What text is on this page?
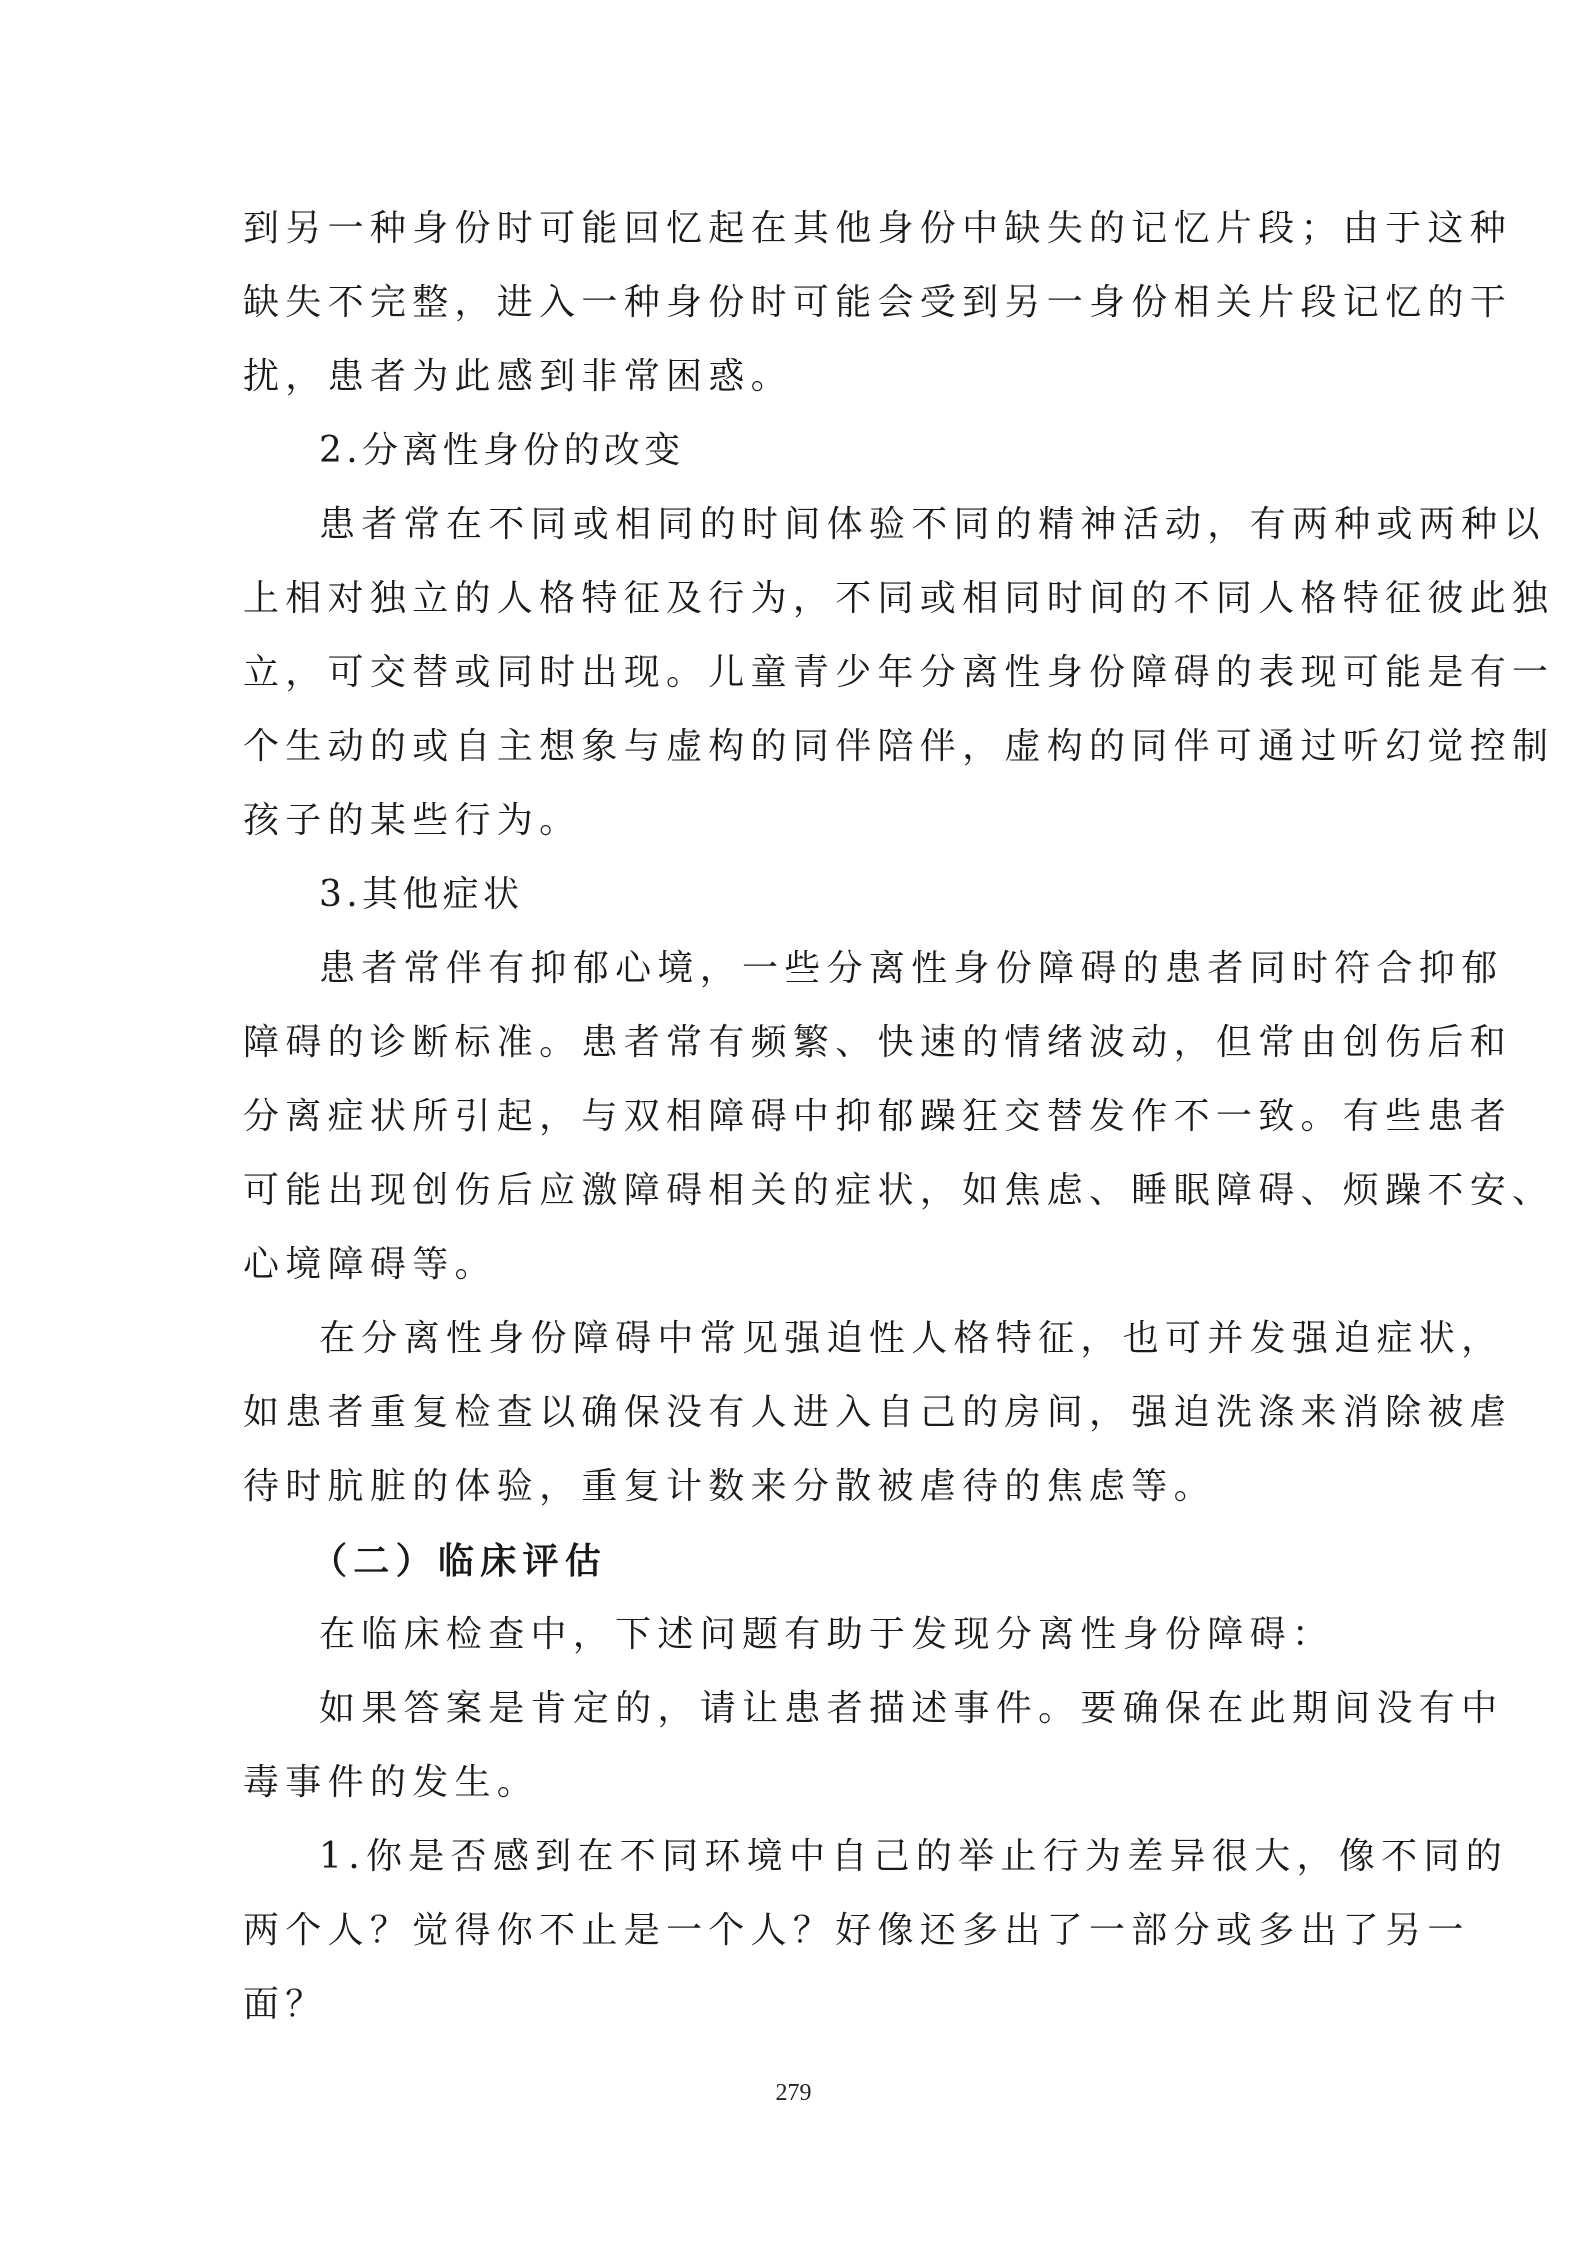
到另一种身份时可能回忆起在其他身份中缺失的记忆片段；由于这种
缺失不完整，进入一种身份时可能会受到另一身份相关片段记忆的干
扰，患者为此感到非常困惑。
2.分离性身份的改变
患者常在不同或相同的时间体验不同的精神活动，有两种或两种以
上相对独立的人格特征及行为，不同或相同时间的不同人格特征彼此独
立，可交替或同时出现。儿童青少年分离性身份障碍的表现可能是有一
个生动的或自主想象与虚构的同伴陪伴，虚构的同伴可通过听幻觉控制
孩子的某些行为。
3.其他症状
患者常伴有抑郁心境，一些分离性身份障碍的患者同时符合抑郁
障碍的诊断标准。患者常有频繁、快速的情绪波动，但常由创伤后和
分离症状所引起，与双相障碍中抑郁躁狂交替发作不一致。有些患者
可能出现创伤后应激障碍相关的症状，如焦虑、睡眠障碍、烦躁不安、
心境障碍等。
在分离性身份障碍中常见强迫性人格特征，也可并发强迫症状，
如患者重复检查以确保没有人进入自己的房间，强迫洗涤来消除被虐
待时肮脏的体验，重复计数来分散被虐待的焦虑等。
（二）临床评估
在临床检查中，下述问题有助于发现分离性身份障碍：
如果答案是肯定的，请让患者描述事件。要确保在此期间没有中
毒事件的发生。
1.你是否感到在不同环境中自己的举止行为差异很大，像不同的
两个人？觉得你不止是一个人？好像还多出了一部分或多出了另一
面？
279
